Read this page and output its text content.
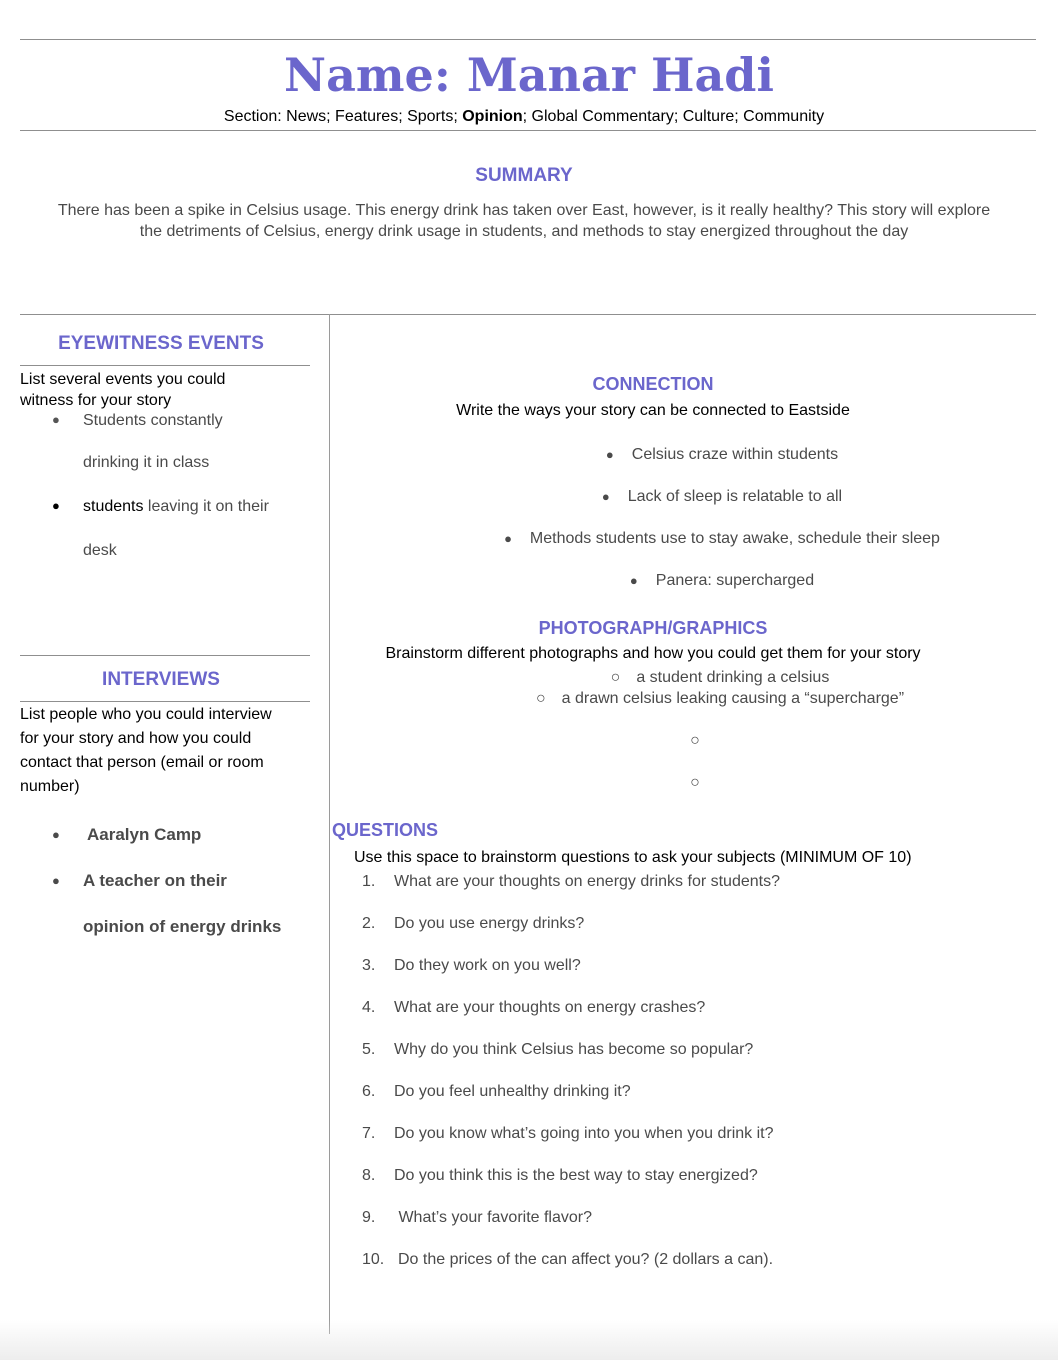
Name: Manar Hadi
Section: News; Features; Sports; Opinion; Global Commentary; Culture; Community
SUMMARY
There has been a spike in Celsius usage. This energy drink has taken over East, however, is it really healthy? This story will explore
the detriments of Celsius, energy drink usage in students, and methods to stay energized throughout the day
EYEWITNESS EVENTS
List several events you could
witness for your story
● Students constantly
drinking it in class
● students leaving it on their
desk
INTERVIEWS
List people who you could interview
for your story and how you could
contact that person (email or room
number)
● Aaralyn Camp
● A teacher on their
opinion of energy drinks
CONNECTION
Write the ways your story can be connected to Eastside
● Celsius craze within students
● Lack of sleep is relatable to all
● Methods students use to stay awake, schedule their sleep
● Panera: supercharged
PHOTOGRAPH/GRAPHICS
Brainstorm different photographs and how you could get them for your story
○ a student drinking a celsius
○ a drawn celsius leaking causing a “supercharge”
○
○
QUESTIONS
Use this space to brainstorm questions to ask your subjects (MINIMUM OF 10)
1. What are your thoughts on energy drinks for students?
2. Do you use energy drinks?
3. Do they work on you well?
4. What are your thoughts on energy crashes?
5. Why do you think Celsius has become so popular?
6. Do you feel unhealthy drinking it?
7. Do you know what’s going into you when you drink it?
8. Do you think this is the best way to stay energized?
9. What’s your favorite flavor?
10. Do the prices of the can affect you? (2 dollars a can).
